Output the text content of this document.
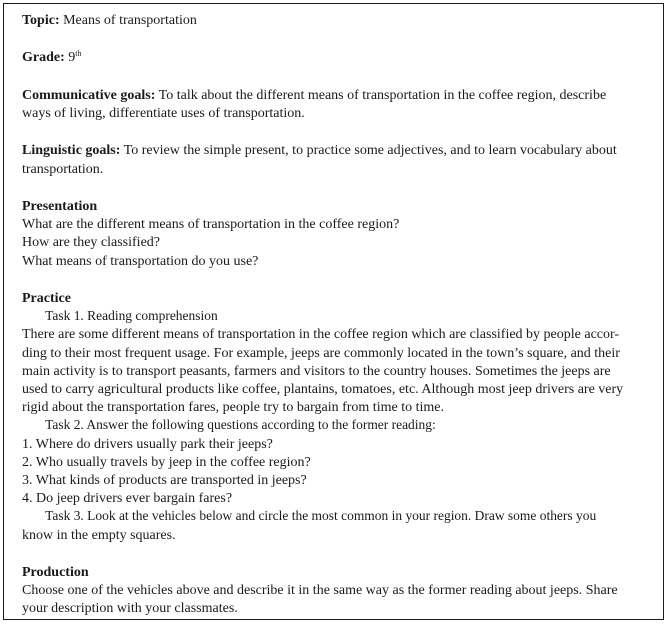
Topic: Means of transportation

Grade: 9th

Communicative goals: To talk about the different means of transportation in the coffee region, describe

ways of living, differentiate uses of transportation.

Linguistic goals: To review the simple present, to practice some adjectives, and to learn vocabulary about

transportation.

Presentation

What are the different means of transportation in the coffee region?

How are they classified?

What means of transportation do you use?

Practice

Task 1. Reading comprehension

There are some different means of transportation in the coffee region which are classified by people accor-

ding to their most frequent usage. For example, jeeps are commonly located in the town’s square, and their

main activity is to transport peasants, farmers and visitors to the country houses. Sometimes the jeeps are

used to carry agricultural products like coffee, plantains, tomatoes, etc. Although most jeep drivers are very

rigid about the transportation fares, people try to bargain from time to time.

Task 2. Answer the following questions according to the former reading:

1. Where do drivers usually park their jeeps?

2. Who usually travels by jeep in the coffee region?

3. What kinds of products are transported in jeeps?

4. Do jeep drivers ever bargain fares?

Task 3. Look at the vehicles below and circle the most common in your region. Draw some others you

know in the empty squares.

Production

Choose one of the vehicles above and describe it in the same way as the former reading about jeeps. Share

your description with your classmates.
